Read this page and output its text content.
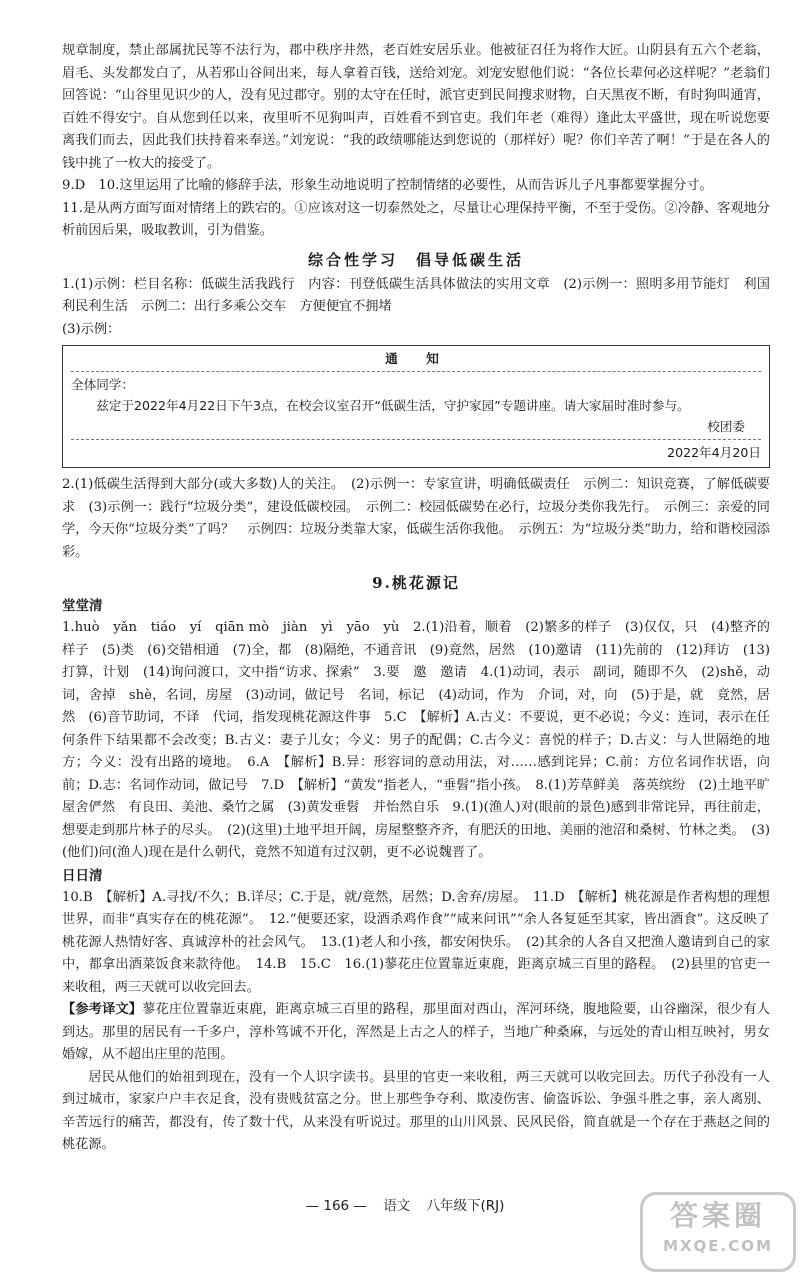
规章制度，禁止部属扰民等不法行为，郡中秩序井然，老百姓安居乐业。他被征召任为将作大匠。山阴县有五六个老翁，眉毛、头发都发白了，从若邪山谷间出来，每人拿着百钱，送给刘宠。刘宠安慰他们说：“各位长辈何必这样呢？”老翁们回答说：“山谷里见识少的人，没有见过郡守。别的太守在任时，派官吏到民间搜求财物，白天黑夜不断，有时狗叫通宵，百姓不得安宁。自从您到任以来，夜里听不见狗叫声，百姓看不到官吏。我们年老（难得）逢此太平盛世，现在听说您要离我们而去，因此我们扶持着来奉送。”刘宠说：“我的政绩哪能达到您说的（那样好）呢？你们辛苦了啊！”于是在各人的钱中挑了一枚大的接受了。

9.D　10.这里运用了比喻的修辞手法，形象生动地说明了控制情绪的必要性，从而告诉儿子凡事都要掌握分寸。

11.是从两方面写面对情绪上的跌宕的。①应该对这一切泰然处之，尽量让心理保持平衡，不至于受伤。②冷静、客观地分析前因后果，吸取教训，引为借鉴。

综合性学习　倡导低碳生活

1.(1)示例：栏目名称：低碳生活我践行　内容：刊登低碳生活具体做法的实用文章　(2)示例一：照明多用节能灯　利国利民利生活　示例二：出行多乘公交车　方便便宜不拥堵

(3)示例：

通　知

全体同学：

兹定于2022年4月22日下午3点，在校会议室召开“低碳生活，守护家园”专题讲座。请大家届时准时参与。

校团委

2022年4月20日

2.(1)低碳生活得到大部分(或大多数)人的关注。　(2)示例一：专家宣讲，明确低碳责任　示例二：知识竞赛，了解低碳要求　(3)示例一：践行“垃圾分类”，建设低碳校园。　示例二：校园低碳势在必行，垃圾分类你我先行。　示例三：亲爱的同学，今天你“垃圾分类”了吗？　示例四：垃圾分类靠大家，低碳生活你我他。　示例五：为“垃圾分类”助力，给和谐校园添彩。

9.桃花源记
堂堂清

1.huò　yǎn　tiáo　yí　qiān mò　jiàn　yì　yāo　yù　2.(1)沿着，顺着　(2)繁多的样子　(3)仅仅，只　(4)整齐的样子　(5)类　(6)交错相通　(7)全，都　(8)隔绝，不通音讯　(9)竟然，居然　(10)邀请　(11)先前的　(12)拜访　(13)打算，计划　(14)询问渡口，文中指“访求、探索”　3.要　邀　邀请　4.(1)动词，表示　副词，随即不久　(2)shě，动词，舍掉　shè，名词，房屋　(3)动词，做记号　名词，标记　(4)动词，作为　介词，对，向　(5)于是，就　竟然，居然　(6)音节助词，不译　代词，指发现桃花源这件事　5.C　【解析】A.古义：不要说，更不必说；今义：连词，表示在任何条件下结果都不会改变；B.古义：妻子儿女；今义：男子的配偶；C.古今义：喜悦的样子；D.古义：与人世隔绝的地方；今义：没有出路的境地。　6.A　【解析】B.异：形容词的意动用法，对……感到诧异；C.前：方位名词作状语，向前；D.志：名词作动词，做记号　7.D　【解析】“黄发”指老人，“垂髫”指小孩。　8.(1)芳草鲜美　落英缤纷　(2)土地平旷　屋舍俨然　有良田、美池、桑竹之属　(3)黄发垂髫　并怡然自乐　9.(1)(渔人)对(眼前的景色)感到非常诧异，再往前走，想要走到那片林子的尽头。　(2)(这里)土地平坦开阔，房屋整整齐齐，有肥沃的田地、美丽的池沼和桑树、竹林之类。　(3)(他们)问(渔人)现在是什么朝代，竟然不知道有过汉朝，更不必说魏晋了。

日日清

10.B　【解析】A.寻找/不久；B.详尽；C.于是，就/竟然，居然；D.舍弃/房屋。　11.D　【解析】桃花源是作者构想的理想世界，而非“真实存在的桃花源”。　12.“便要还家，设酒杀鸡作食”“咸来问讯”“余人各复延至其家，皆出酒食”。这反映了桃花源人热情好客、真诚淳朴的社会风气。　13.(1)老人和小孩，都安闲快乐。　(2)其余的人各自又把渔人邀请到自己的家中，都拿出酒菜饭食来款待他。　14.B　15.C　16.(1)蓼花庄位置靠近東鹿，距离京城三百里的路程。　(2)县里的官吏一来收租，两三天就可以收完回去。

【参考译文】蓼花庄位置靠近束鹿，距离京城三百里的路程，那里面对西山，浑河环绕，腹地险要，山谷幽深，很少有人到达。那里的居民有一千多户，淳朴笃诚不开化，浑然是上古之人的样子，当地广种桑麻，与远处的青山相互映衬，男女婚嫁，从不超出庄里的范围。

居民从他们的始祖到现在，没有一个人识字读书。县里的官吏一来收租，两三天就可以收完回去。历代子孙没有一人到过城市，家家户户丰衣足食，没有贵贱贫富之分。世上那些争夺利、欺凌伤害、偷盗诉讼、争强斗胜之事，亲人离别、辛苦远行的痛苦，都没有，传了数十代，从来没有听说过。那里的山川风景、民风民俗，简直就是一个存在于燕赵之间的桃花源。

— 166 — 语文 八年级下(RJ)	答案圈
MXQE.COM
